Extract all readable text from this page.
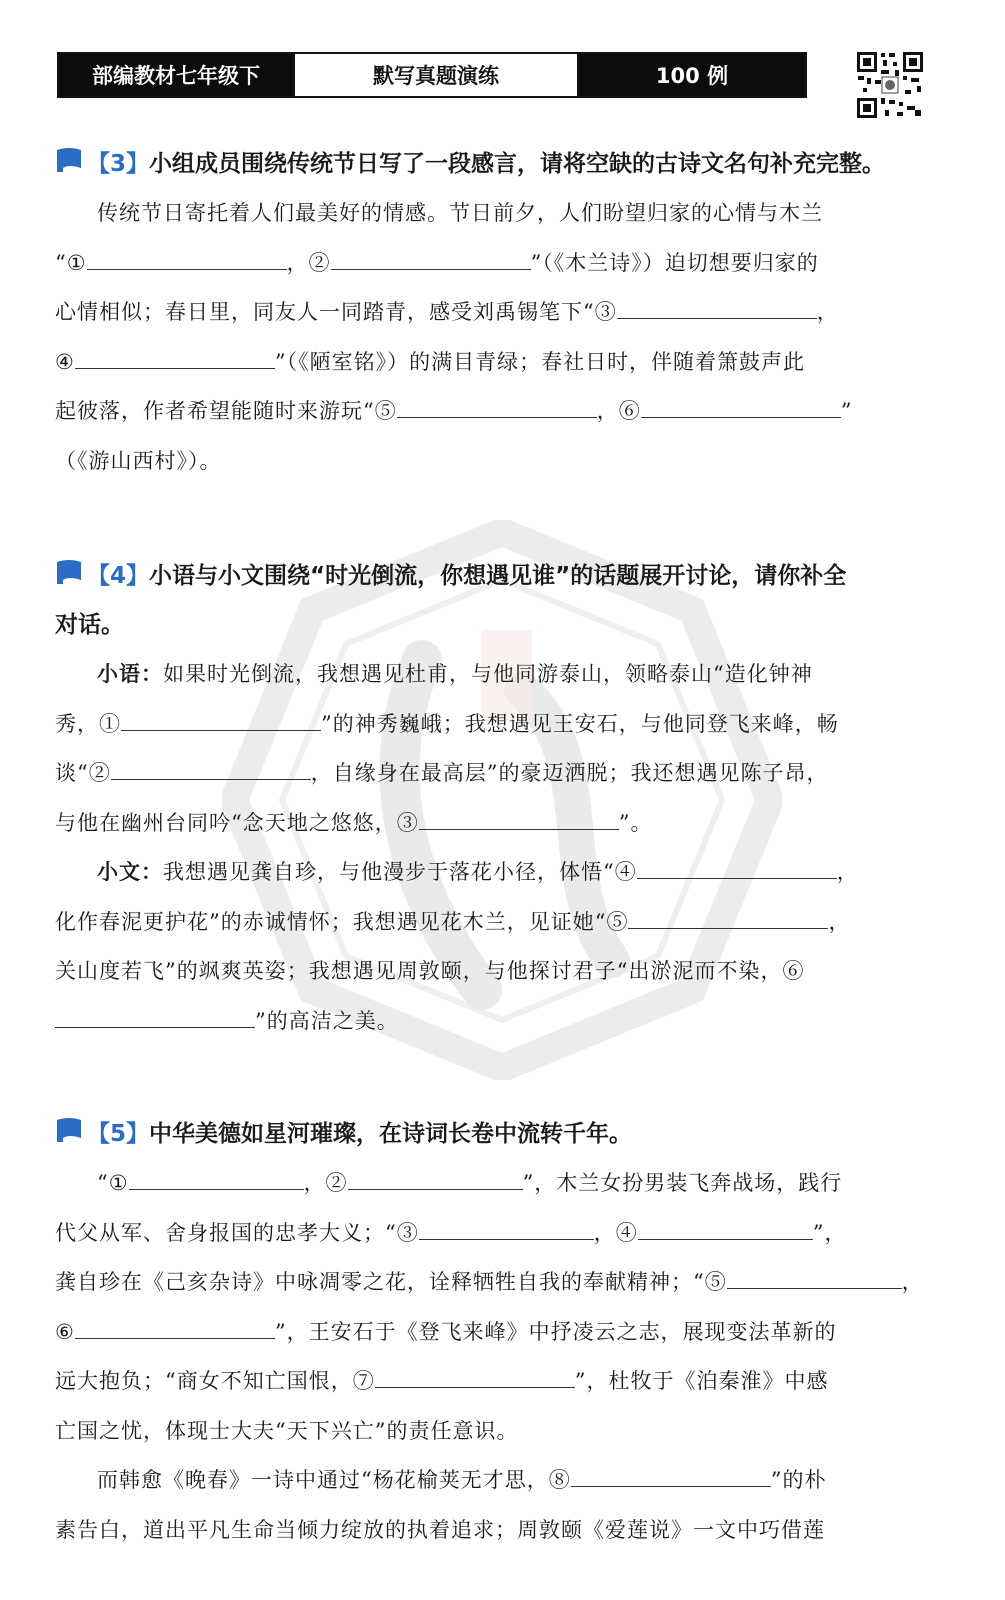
部编教材七年级下	默写真题演练	100 例
【3】小组成员围绕传统节日写了一段感言，请将空缺的古诗文名句补充完整。

传统节日寄托着人们最美好的情感。节日前夕，人们盼望归家的心情与木兰

“①	，②	”（《木兰诗》）迫切想要归家的

心情相似；春日里，同友人一同踏青，感受刘禹锡笔下“③	，

④	”（《陋室铭》）的满目青绿；春社日时，伴随着箫鼓声此

起彼落，作者希望能随时来游玩“⑤	，⑥	”

（《游山西村》）。

【4】小语与小文围绕“时光倒流，你想遇见谁”的话题展开讨论，请你补全
对话。

小语：如果时光倒流，我想遇见杜甫，与他同游泰山，领略泰山“造化钟神

秀，①	”的神秀巍峨；我想遇见王安石，与他同登飞来峰，畅

谈“②	，自缘身在最高层”的豪迈洒脱；我还想遇见陈子昂，

与他在幽州台同吟“念天地之悠悠，③	”。

小文：我想遇见龚自珍，与他漫步于落花小径，体悟“④	，

化作春泥更护花”的赤诚情怀；我想遇见花木兰，见证她“⑤	，

关山度若飞”的飒爽英姿；我想遇见周敦颐，与他探讨君子“出淤泥而不染，⑥

”的高洁之美。

【5】中华美德如星河璀璨，在诗词长卷中流转千年。

“①	，②	”，木兰女扮男装飞奔战场，践行

代父从军、舍身报国的忠孝大义；“③	，④	”，

龚自珍在《己亥杂诗》中咏凋零之花，诠释牺牲自我的奉献精神；“⑤	，

⑥	”，王安石于《登飞来峰》中抒凌云之志，展现变法革新的

远大抱负；“商女不知亡国恨，⑦	”，杜牧于《泊秦淮》中感

亡国之忧，体现士大夫“天下兴亡”的责任意识。

而韩愈《晚春》一诗中通过“杨花榆荚无才思，⑧	”的朴

素告白，道出平凡生命当倾力绽放的执着追求；周敦颐《爱莲说》一文中巧借莲
